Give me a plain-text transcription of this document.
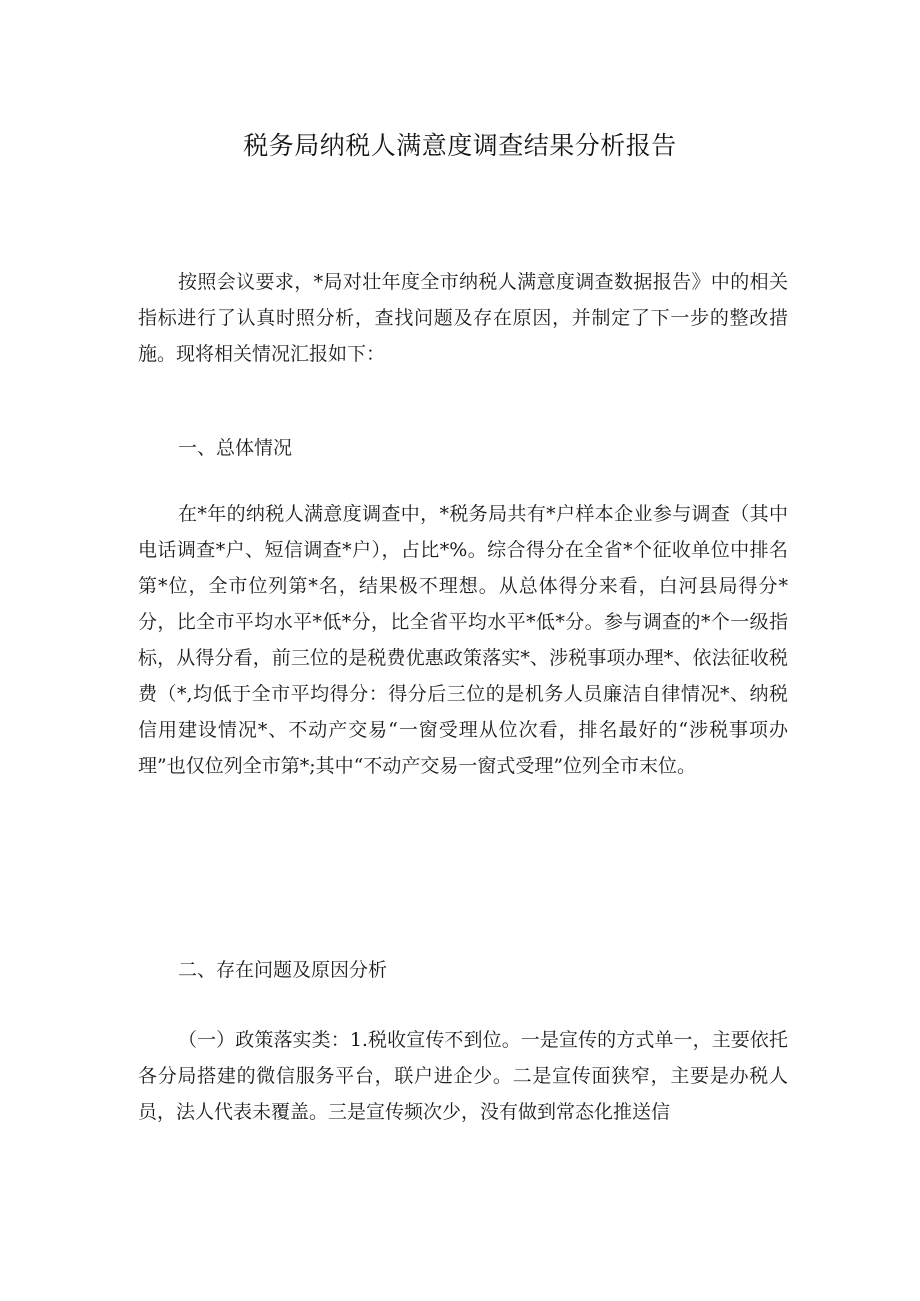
税务局纳税人满意度调查结果分析报告

按照会议要求，*局对壮年度全市纳税人满意度调查数据报告》中的相关指标进行了认真时照分析，查找问题及存在原因，并制定了下一步的整改措施。现将相关情况汇报如下：

一、总体情况

在*年的纳税人满意度调查中，*税务局共有*户样本企业参与调查（其中电话调查*户、短信调查*户），占比*%。综合得分在全省*个征收单位中排名第*位，全市位列第*名，结果极不理想。从总体得分来看，白河县局得分*分，比全市平均水平*低*分，比全省平均水平*低*分。参与调查的*个一级指标，从得分看，前三位的是税费优惠政策落实*、涉税事项办理*、依法征收税费（*,均低于全市平均得分：得分后三位的是机务人员廉洁自律情况*、纳税信用建设情况*、不动产交易“一窗受理从位次看，排名最好的“涉税事项办理”也仅位列全市第*;其中“不动产交易一窗式受理”位列全市末位。

二、存在问题及原因分析

（一）政策落实类：1.税收宣传不到位。一是宣传的方式单一，主要依托各分局搭建的微信服务平台，联户进企少。二是宣传面狭窄，主要是办税人员，法人代表未覆盖。三是宣传频次少，没有做到常态化推送信
